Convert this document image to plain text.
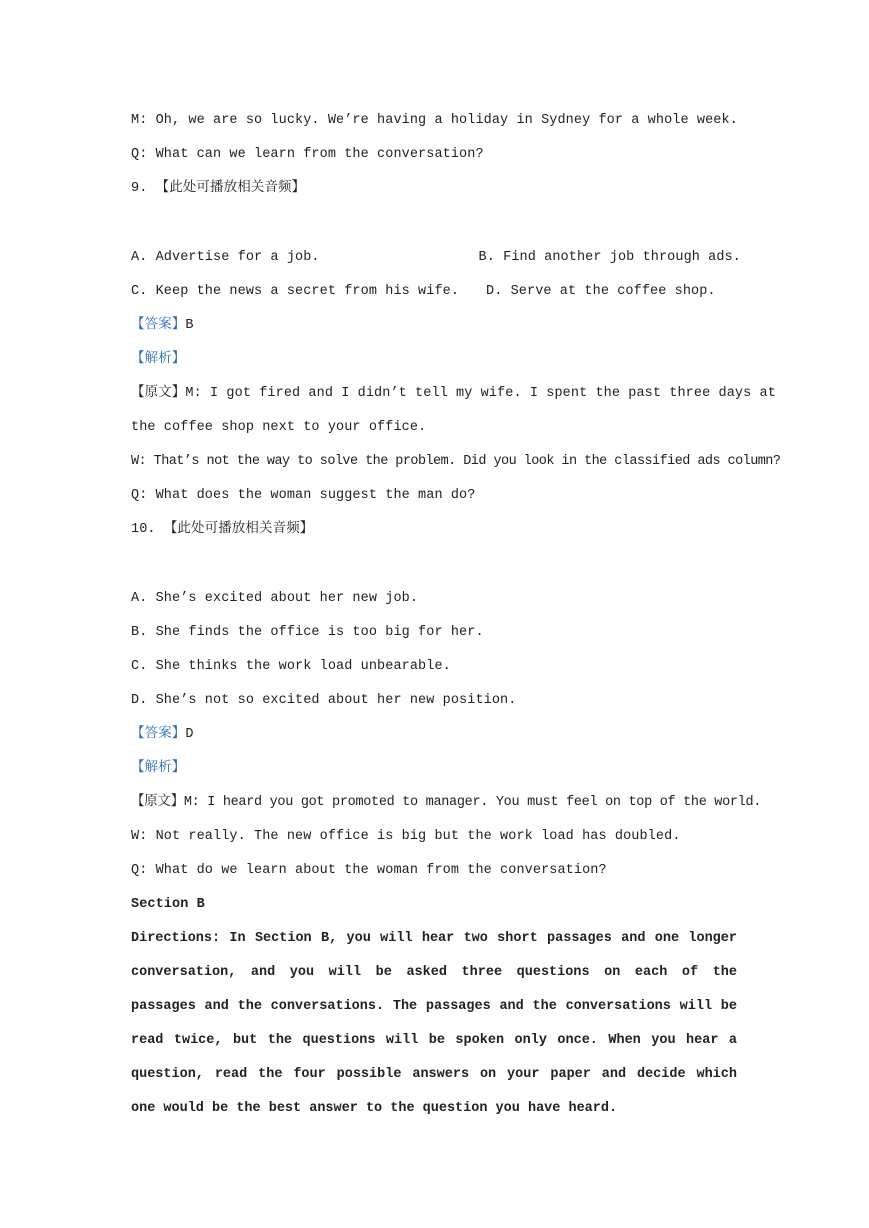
M: Oh, we are so lucky. We’re having a holiday in Sydney for a whole week.
Q: What can we learn from the conversation?
9. 【此处可播放相关音频】
A. Advertise for a job.	B. Find another job through ads.
C. Keep the news a secret from his wife.	D. Serve at the coffee shop.
【答案】B
【解析】
【原文】M: I got fired and I didn’t tell my wife. I spent the past three days at
the coffee shop next to your office.
W: That’s not the way to solve the problem. Did you look in the classified ads column?
Q: What does the woman suggest the man do?
10. 【此处可播放相关音频】
A. She’s excited about her new job.
B. She finds the office is too big for her.
C. She thinks the work load unbearable.
D. She’s not so excited about her new position.
【答案】D
【解析】
【原文】M: I heard you got promoted to manager. You must feel on top of the world.
W: Not really. The new office is big but the work load has doubled.
Q: What do we learn about the woman from the conversation?
Section B
Directions: In Section B, you will hear two short passages and one longer conversation, and you will be asked three questions on each of the passages and the conversations. The passages and the conversations will be read twice, but the questions will be spoken only once. When you hear a question, read the four possible answers on your paper and decide which one would be the best answer to the question you have heard.
